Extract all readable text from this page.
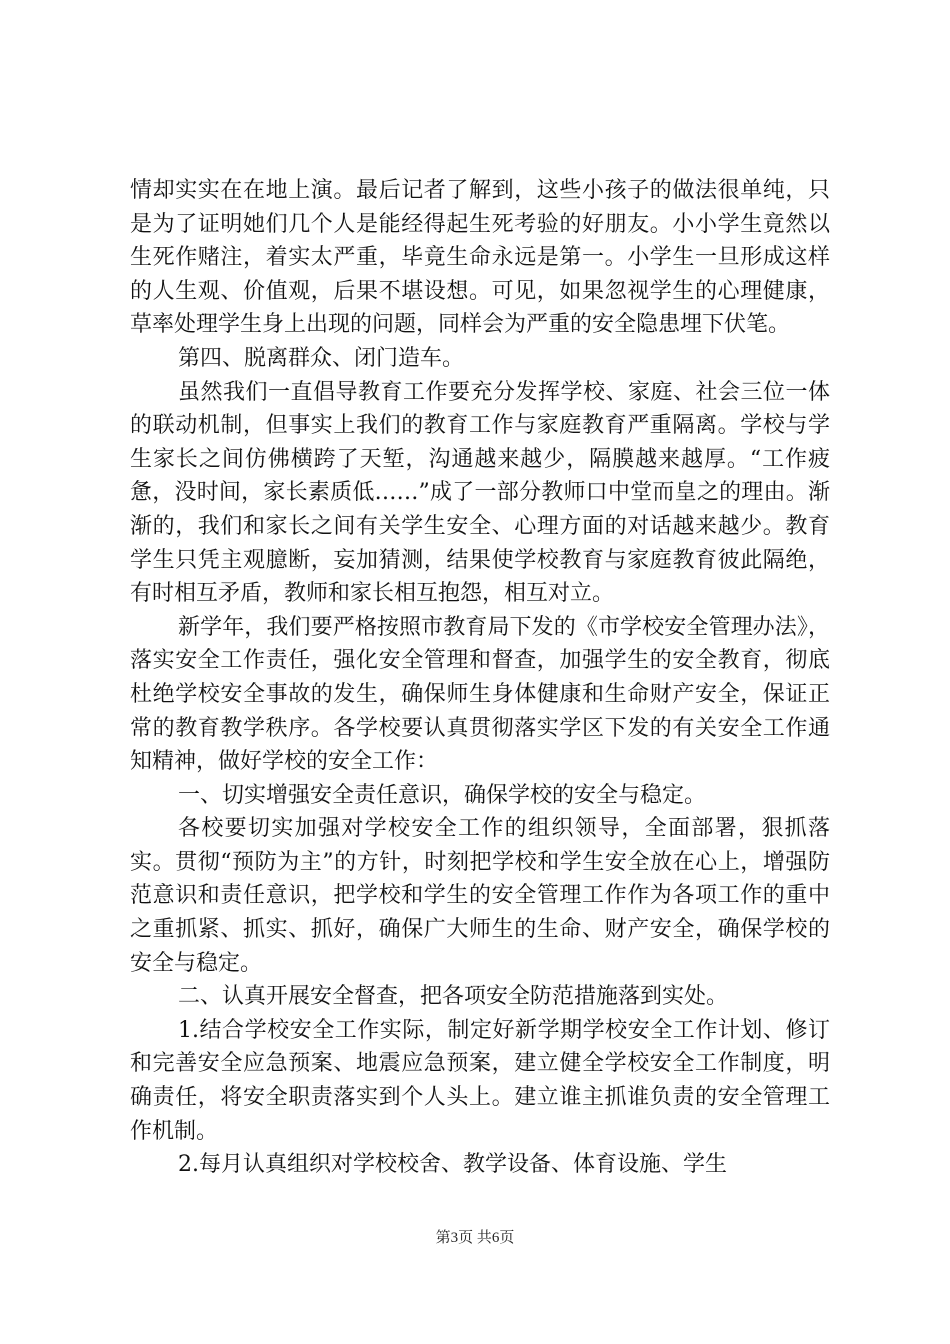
情却实实在在地上演。最后记者了解到，这些小孩子的做法很单纯，只是为了证明她们几个人是能经得起生死考验的好朋友。小小学生竟然以生死作赌注，着实太严重，毕竟生命永远是第一。小学生一旦形成这样的人生观、价值观，后果不堪设想。可见，如果忽视学生的心理健康，草率处理学生身上出现的问题，同样会为严重的安全隐患埋下伏笔。

第四、脱离群众、闭门造车。

虽然我们一直倡导教育工作要充分发挥学校、家庭、社会三位一体的联动机制，但事实上我们的教育工作与家庭教育严重隔离。学校与学生家长之间仿佛横跨了天堑，沟通越来越少，隔膜越来越厚。“工作疲惫，没时间，家长素质低……”成了一部分教师口中堂而皇之的理由。渐渐的，我们和家长之间有关学生安全、心理方面的对话越来越少。教育学生只凭主观臆断，妄加猜测，结果使学校教育与家庭教育彼此隔绝，有时相互矛盾，教师和家长相互抱怨，相互对立。

新学年，我们要严格按照市教育局下发的《市学校安全管理办法》，落实安全工作责任，强化安全管理和督查，加强学生的安全教育，彻底杜绝学校安全事故的发生，确保师生身体健康和生命财产安全，保证正常的教育教学秩序。各学校要认真贯彻落实学区下发的有关安全工作通知精神，做好学校的安全工作：

一、切实增强安全责任意识，确保学校的安全与稳定。

各校要切实加强对学校安全工作的组织领导，全面部署，狠抓落实。贯彻“预防为主”的方针，时刻把学校和学生安全放在心上，增强防范意识和责任意识，把学校和学生的安全管理工作作为各项工作的重中之重抓紧、抓实、抓好，确保广大师生的生命、财产安全，确保学校的安全与稳定。

二、认真开展安全督查，把各项安全防范措施落到实处。

1.结合学校安全工作实际，制定好新学期学校安全工作计划、修订和完善安全应急预案、地震应急预案，建立健全学校安全工作制度，明确责任，将安全职责落实到个人头上。建立谁主抓谁负责的安全管理工作机制。

2.每月认真组织对学校校舍、教学设备、体育设施、学生

第3页 共6页
